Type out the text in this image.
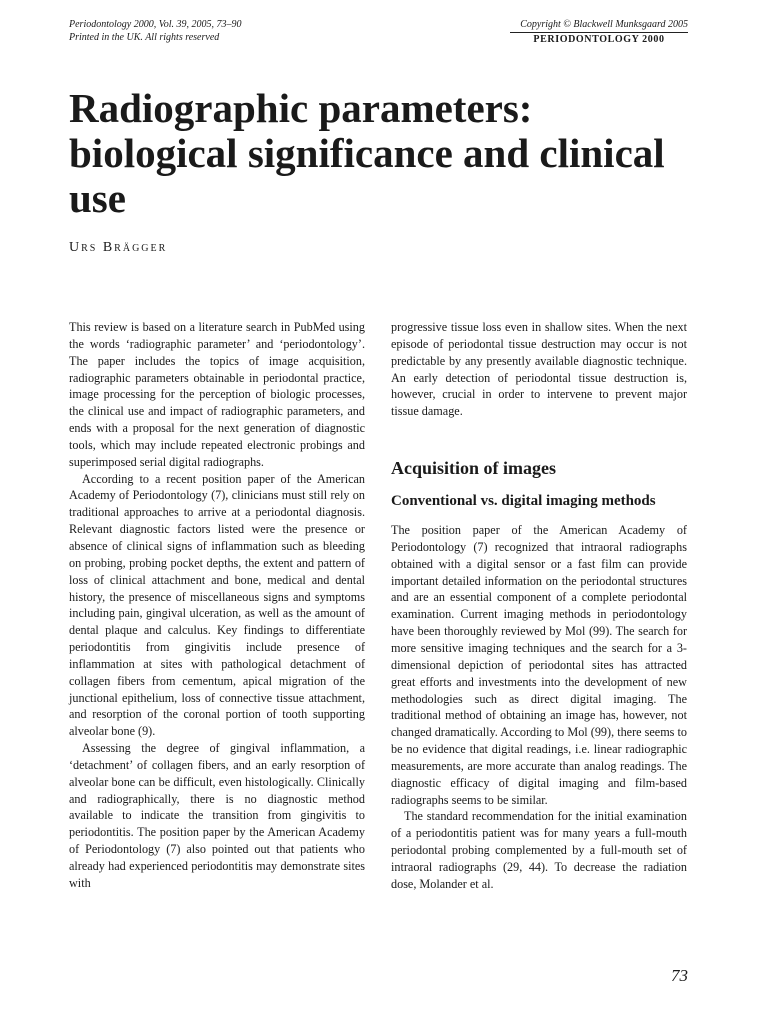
Periodontology 2000, Vol. 39, 2005, 73–90
Printed in the UK. All rights reserved
Copyright © Blackwell Munksgaard 2005
PERIODONTOLOGY 2000
Radiographic parameters: biological significance and clinical use
Urs Brägger

This review is based on a literature search in PubMed using the words ‘radiographic parameter’ and ‘periodontology’. The paper includes the topics of image acquisition, radiographic parameters obtainable in periodontal practice, image processing for the perception of biologic processes, the clinical use and impact of radiographic parameters, and ends with a proposal for the next generation of diagnostic tools, which may include repeated electronic probings and superimposed serial digital radiographs.

According to a recent position paper of the American Academy of Periodontology (7), clinicians must still rely on traditional approaches to arrive at a periodontal diagnosis. Relevant diagnostic factors listed were the presence or absence of clinical signs of inflammation such as bleeding on probing, probing pocket depths, the extent and pattern of loss of clinical attachment and bone, medical and dental history, the presence of miscellaneous signs and symptoms including pain, gingival ulceration, as well as the amount of dental plaque and calculus. Key findings to differentiate periodontitis from gingivitis include presence of inflammation at sites with pathological detachment of collagen fibers from cementum, apical migration of the junctional epithelium, loss of connective tissue attachment, and resorption of the coronal portion of tooth supporting alveolar bone (9).

Assessing the degree of gingival inflammation, a ‘detachment’ of collagen fibers, and an early resorption of alveolar bone can be difficult, even histologically. Clinically and radiographically, there is no diagnostic method available to indicate the transition from gingivitis to periodontitis. The position paper by the American Academy of Periodontology (7) also pointed out that patients who already had experienced periodontitis may demonstrate sites with

progressive tissue loss even in shallow sites. When the next episode of periodontal tissue destruction may occur is not predictable by any presently available diagnostic technique. An early detection of periodontal tissue destruction is, however, crucial in order to intervene to prevent major tissue damage.

Acquisition of images
Conventional vs. digital imaging methods

The position paper of the American Academy of Periodontology (7) recognized that intraoral radiographs obtained with a digital sensor or a fast film can provide important detailed information on the periodontal structures and are an essential component of a complete periodontal examination. Current imaging methods in periodontology have been thoroughly reviewed by Mol (99). The search for more sensitive imaging techniques and the search for a 3-dimensional depiction of periodontal sites has attracted great efforts and investments into the development of new methodologies such as direct digital imaging. The traditional method of obtaining an image has, however, not changed dramatically. According to Mol (99), there seems to be no evidence that digital readings, i.e. linear radiographic measurements, are more accurate than analog readings. The diagnostic efficacy of digital imaging and film-based radiographs seems to be similar.

The standard recommendation for the initial examination of a periodontitis patient was for many years a full-mouth periodontal probing complemented by a full-mouth set of intraoral radiographs (29, 44). To decrease the radiation dose, Molander et al.

73
